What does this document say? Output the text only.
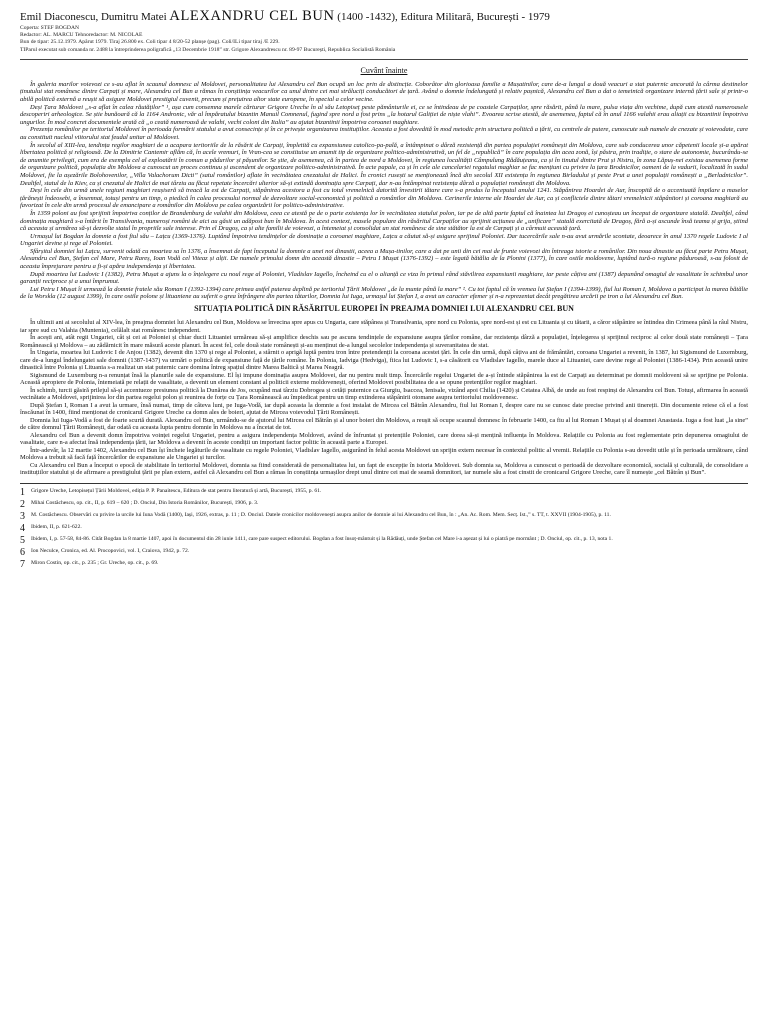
Emil Diaconescu, Dumitru Matei ALEXANDRU CEL BUN (1400 -1432), Editura Militară, București - 1979
Coperta: STEF BOGDAN
Redactor: AL. MARCU Tehnoredactor: M. NICOLAE
Bun de tipar: 25.12.1979. Apărut 1979. Tiraj 26.800 ex. Coli tipar 4 8/20-52 planșe (pag). Coli/ILi tipar tiraj /E 229.
TIParul executat sub comanda nr. 2488 la întreprinderea poligrafică „13 Decembrie 1918” str. Grigore Alexandrescu nr. 89-97 București, Republica Socialistă România
Cuvânt înainte

În galeria marilor voievozi ce s-au aflat în scaunul domnesc al Moldovei, personalitatea lui Alexandru cel Bun ocupă un loc prin de distincție. Coborâtor din glorioasa familie a Mușatinilor, care de-a lungul a două veacuri a stat puternic ancorată la cârma destinelor ținutului stat românesc dintre Carpați și mare, Alexandru cel Bun a rămas în conștiința veacurilor ca unul dintre cei mai străluciți conducători de țară. Având o domnie îndelungată și relativ pașnică, Alexandru cel Bun a dat o temeinică organizare internă țării sale și printr-o abilă politică externă a reușit să asigure Moldovei prestigiul cuvenit, precum și prețuirea altor state europene, în special a celor vecine.

Deși Țara Moldovei „s-a aflat în calea răutăților” ¹, așa cum consemna marele cărturar Grigore Ureche în al său Letopiseț peste pământurile ei, ce se întindeau de pe coastele Carpaților, spre răsărit, până la mare, pulsa viața din vechime, după cum atestă numeroasele descoperiri arheologice. Se știe bunăoară că la 1164 Andronic, văr al împăratului bizantin Manuil Comnenul, fugind spre nord a fost prins „la hotarul Galiției de niște vlahi”. Evoarea scrise atestă, de asemenea, faptul că în anul 1166 valahii erau aliații cu bizantinii împotriva ungurilor. În mod concret documentele arată că „o ceată numeroasă de valahi, vechi coloni din Italia” au ajutat bizantinii împotriva coroanei maghiare.

Prezența românilor pe teritoriul Moldovei în perioada formării statului a avut consecințe și în ce privește organizarea instituțiilor. Aceasta a fost dovedită în mod metodic prin structura politică a țării, cu centrele de putere, cunoscute sub numele de cnezate și voievodate, care au constituit nucleul viitorului stat feudal unitar al Moldovei.

În secolul al XIII-lea, tendința regilor maghiari de a acapara teritoriile de la răsărit de Carpați, împletită cu expansiunea catolico-pa-pală, a întâmpinat o dârză rezistență din partea populației românești din Moldova, care sub conducerea unor căpetenii locale și-a apărat libertatea politică și religioasă. De la Dimitrie Cantemir aflăm că, în acele vremuri, în Vran-cea se constituise un anumit tip de organizare politico-administrativă, un fel de „republică” în care populația din acea zonă, își păstra, prin tradiție, o stare de autonomie, bucurându-se de anumite privilegii, cum era de exemplu cel al exploatării în comun a pădurilor și pășunilor. Se știe, de asemenea, că în partea de nord a Moldovei, în regiunea localității Câmpulung Rădăuțeanu, ca și în tinutul dintre Prut și Nistru, în zona Lăpuș-nei existau asemenea forme de organizare politică, populația din Moldova a cunoscut un proces continuu și ascendent de organizare politico-administrativă. În acte papale, ca și în cele ale cancelariei regatului maghiar se fac mențiuni cu privire la țara Brodnicilor, oameni de la vadurii, localizată în sudul Moldovei, fie la așezările Bolohovenilor, „Villa Valachorum Dicti” (satul românilor) aflate în vecinătatea cnezatului de Halici. În cronici rusești se menționează încă din secolul XII existența în regiunea Birladului și peste Prut a unei populații românești a „Berladnicilor”. Dealtfel, statul de la Kiev, ca și cnezatul de Halici de mai târziu au făcut repetate încercări ulterior să-și extindă dominația spre Carpați, dar n-au întâmpinat rezistența dârză a populației românești din Moldova.

Deși în cele din urmă unele regiuni maghiari reușiseră să treacă la est de Carpați, stăpânirea acestora a fost cu totul vremelnică datorită învestirii tătare care s-a produs la începutul anului 1241. Stăpânirea Hoardei de Aur, înscopită de o accentuată împilare a maselor țărănești îndeosebi, a însemnat, totuși pentru un timp, o piedică în calea procesului normal de dezvoltare social-economică și politică a românilor din Moldova. Cerinerile interne ale Hoardei de Aur, ca și conflictele dintre tătari vremelnicii stăpânitori și coroana maghiară au favorizat în cele din urmă procesul de emancipare a românilor din Moldova pe calea organizării lor politico-administrative.

În 1359 poloni au fost sprijinit împotriva conților de Brandenburg de valahii din Moldova, ceea ce atestă pe de o parte existența lor în vecinătatea statului polon, iar pe de altă parte faptul că înaintea lui Dragoș ei cunoșteau un început de organizare statală. Dealtfel, când dominația maghiară s-a întărit în Transilvania, numeroși români de aici au găsit un adăpost bun în Moldova. În acest context, masele populare din răsăritul Carpaților au sprijinit acțiunea de „unificare” statală exercitată de Dragoș, fără a-și ascunde însă teama și grija, știind că aceasta și urmărea să-și dezvolte statul în propriile sale interese. Prin el Dragoș, ca și alte familii de voievozi, a întemeiat și consolidat un stat românesc de sine stătător la est de Carpați și a cârmuit această țară.

Urmașul lui Bogdan la domnie a fost fiul său – Lațcu (1369-1376). Luptând împotriva tendințelor de dominație a coroanei maghiare, Lațcu a căutat să-și asigure sprijinul Poloniei. Dar tucercările sale n-au avut urmările scontate, deoarece în anul 1370 regele Ludovic I al Ungariei devine și rege al Poloniei.

Sfârșitul domniei lui Lațcu, survenit odată cu moartea sa în 1376, a însemnat de fapt începutul la domnie a unei noi dinastii, aceea a Mușa-tinilor, care a dat pe unii din cei mai de frunte voievozi din întreaga istorie a românilor. Din noua dinastie au făcut parte Petru Mușat, Alexandru cel Bun, Ștefan cel Mare, Petru Rareș, Ioan Vodă cel Viteaz și alții. De numele primului domn din această dinastie – Petru I Mușat (1376-1392) – este legată bătălia de la Plonini (1377), în care ostile moldovene, luptând tură-o regiune păduroasă, s-au folosit de aceasta împrejurare pentru a fi-și apăra independența și libertatea.

După moartea lui Ludovic I (1382), Petru Mușat a ajuns la o înțelegere cu noul rege al Poloniei, Vladislav Iagello, încheind cu el o alianță ce viza în primul rând stăvilirea expansiunii maghiare, iar peste câțiva ani (1387) depunând omagiul de vasalitate în schimbul unor garanții reciproce și a unui împrumut.

Lui Petru I Mușat îi urmează la domnie fratele său Roman I (1392-1394) care primea astfel puterea deplină pe teritoriul Țării Moldovei „de la munte până la mare” ². Cu tot faptul că în vremea lui Ștefan I (1394-1399), fiul lui Roman I, Moldova a participat la marea bătălie de la Worskla (12 august 1399), în care ostile polone și lituaniene au suferit o grea înfrângere din partea tătarilor, Domnia lui Iuga, urmașul lui Ștefan I, a avut un caracter efemer și n-a reprezentat decât pregătirea urcării pe tron a lui Alexandru cel Bun.

SITUAȚIA POLITICĂ DIN RĂSĂRITUL EUROPEI ÎN PREAJMA DOMNIEI LUI ALEXANDRU CEL BUN

În ultimii ani ai secolului al XIV-lea, în preajma domniei lui Alexandru cel Bun, Moldova se învecina spre apus cu Ungaria, care stăpânea și Transilvania, spre nord cu Polonia, spre nord-est și est cu Lituania și cu tătarii, a căror stăpânire se întindea din Crimeea până la râul Nistru, iar spre sud cu Valahia (Muntenia), celălalt stat românesc independent.

În acești ani, atât regii Ungariei, cât și cei ai Poloniei și chiar ducii Lituaniei urmăreau să-și amplifice deschis sau pe ascuns tendințele de expansiune asupra țărilor române, dar rezistența dârză a populației, înțelegerea și sprijinul reciproc al celor două state românești – Țara Românească și Moldova – au zădărnicit în mare măsură aceste planuri. În acest fel, cele două state românești și-au menținut de-a lungul secolelor independența și suveranitatea de stat.

În Ungaria, moartea lui Ludovic I de Anjou (1382), devenit din 1370 și rege al Poloniei, a stârnit o aprigă luptă pentru tron între pretendenții la coroana acestei țări. În cele din urmă, după câțiva ani de frământări, coroana Ungariei a revenit, în 1387, lui Sigismund de Luxemburg, care de-a lungul îndelungatei sale domnii (1387-1437) va urmări o politică de expansiune față de țările române. În Polonia, Iadviga (Hedviga), fiica lui Ludovic I, s-a căsătorit cu Vladislav Iagello, marele duce al Lituaniei, care devine rege al Poloniei (1386-1434). Prin această unire dinastică între Polonia și Lituania s-a realizat un stat puternic care domina întreg spațiul dintre Marea Baltică și Marea Neagră.

Sigismund de Luxemburg n-a renunțat însă la planurile sale de expansiune. El își impune dominația asupra Moldovei, dar nu pentru mult timp. Încercările regelui Ungariei de a-și întinde stăpânirea la est de Carpați au determinat pe domnii moldoveni să se sprijine pe Polonia. Această apropiere de Polonia, întemeiată pe relații de vasalitate, a devenit un element constant al politicii externe moldovenești, oferind Moldovei posibilitatea de a se opune pretențiilor regilor maghiari.

În schimb, turcii găsiră prilejul să-și accentueze presiunea politică la Dunărea de Jos, ocupând mai târziu Dobrogea și cetăți puternice ca Giurgiu, Isaccea, Ienisale, vizând apoi Chilia (1420) și Cetatea Albă, de unde au fost respinși de Alexandru cel Bun. Totuși, afirmarea în această vecinătate a Moldovei, sprijinirea lor din partea regelui polon și reunirea de forțe cu Țara Românească au împiedicat pentru un timp extinderea stăpânirii otomane asupra teritoriului moldovenesc.

După Ștefan I, Roman I a avut la urmare, însă numai, timp de câteva luni, pe Iuga-Vodă, iar după aceasta la domnie a fost instalat de Mircea cel Bătrân Alexandru, fiul lui Roman I, despre care nu se cunosc date precise privind anii tinereții. Din documente reiese că el a fost înscăunat în 1400, fiind menționat de cronicarul Grigore Ureche ca domn ales de boieri, ajutat de Mircea voievodul Țării Românești.

Domnia lui Iuga-Vodă a fost de foarte scurtă durată. Alexandru cel Bun, urmându-se de ajutorul lui Mircea cel Bătrân și al unor boieri din Moldova, a reușit să ocupe scaunul domnesc în februarie 1400, ca fiu al lui Roman I Mușat și al doamnei Anastasia. Iuga a fost luat „la sine” de către domnul Țării Românești, dar odată cu aceasta lupta pentru domnie în Moldova nu a încetat de tot.

Alexandru cel Bun a devenit domn împotriva voinței regelui Ungariei, pentru a asigura independența Moldovei, având de înfruntat și pretențiile Poloniei, care dorea să-și mențină influența în Moldova. Relațiile cu Polonia au fost reglementate prin depunerea omagiului de vasalitate, care n-a afectat însă independența țării, iar Moldova a devenit în aceste condiții un important factor politic în această parte a Europei.

Într-adevăr, la 12 martie 1402, Alexandru cel Bun își încheie legăturile de vasalitate cu regele Poloniei, Vladislav Iagello, asigurând în felul acesta Moldovei un sprijin extern necesar în contextul politic al vremii. Relațiile cu Polonia s-au dovedit utile și în perioada următoare, când Moldova a trebuit să facă față încercărilor de expansiune ale Ungariei și turcilor.

Cu Alexandru cel Bun a început o epocă de stabilitate în teritoriul Moldovei, domnia sa fiind considerată de personalitatea lui, un fapt de excepție în istoria Moldovei. Sub domnia sa, Moldova a cunoscut o perioadă de dezvoltare economică, socială și culturală, de consolidare a instituțiilor statului și de afirmare a prestigiului țării pe plan extern, astfel că Alexandru cel Bun a rămas în conștiința urmașilor drept unul dintre cei mai de seamă domnitori, iar numele său a fost cinstit de cronicarul Grigore Ureche, care îl numește „cel Bătrân și Bun”.

1	Grigore Ureche, Letopisețul Țării Moldovei, ediția P. P. Panaitescu, Editura de stat pentru literatură și artă, București, 1955, p. 61.
2	Mihai Costăchescu, op. cit., II, p. 619 – 620 ; D. Onciul, Din Istoria Românilor, București, 1906, p. 3.
3	M. Costăchescu. Observări cu privire la urcile lui Iuna Vodă (1400), Iași, 1926, extras, p. 11 ; D. Onciul. Datele cronicilor moldovenești asupra anilor de domnie ai lui Alexandru cel Bun, în : „An. Ac. Rom. Mem. Secț. Ist.,” s. TT, t. XXVII (1904-1905), p. 11.
4	Ibidem, II, p. 621-622.
5	Ibidem, I, p. 57-58, 84-86. Cităt Bogdan la 8 martie 1407, apoi în documentul din 28 iunie 1411, care pare suspect editorului. Bogdan a fost însoț-mântuit și la Rădăuți, unde Ștefan cel Mare i-a așezat și lui o piatră pe mormânt ; D. Onciul, op. cit., p. 13, nota 1.
6	Ion Neculce, Cronica, ed. Al. Procopovici, vol. I, Craiova, 1942, p. 72.
7	Miron Costin, op. cit., p. 235 ; Gr. Ureche, op. cit., p. 69.
